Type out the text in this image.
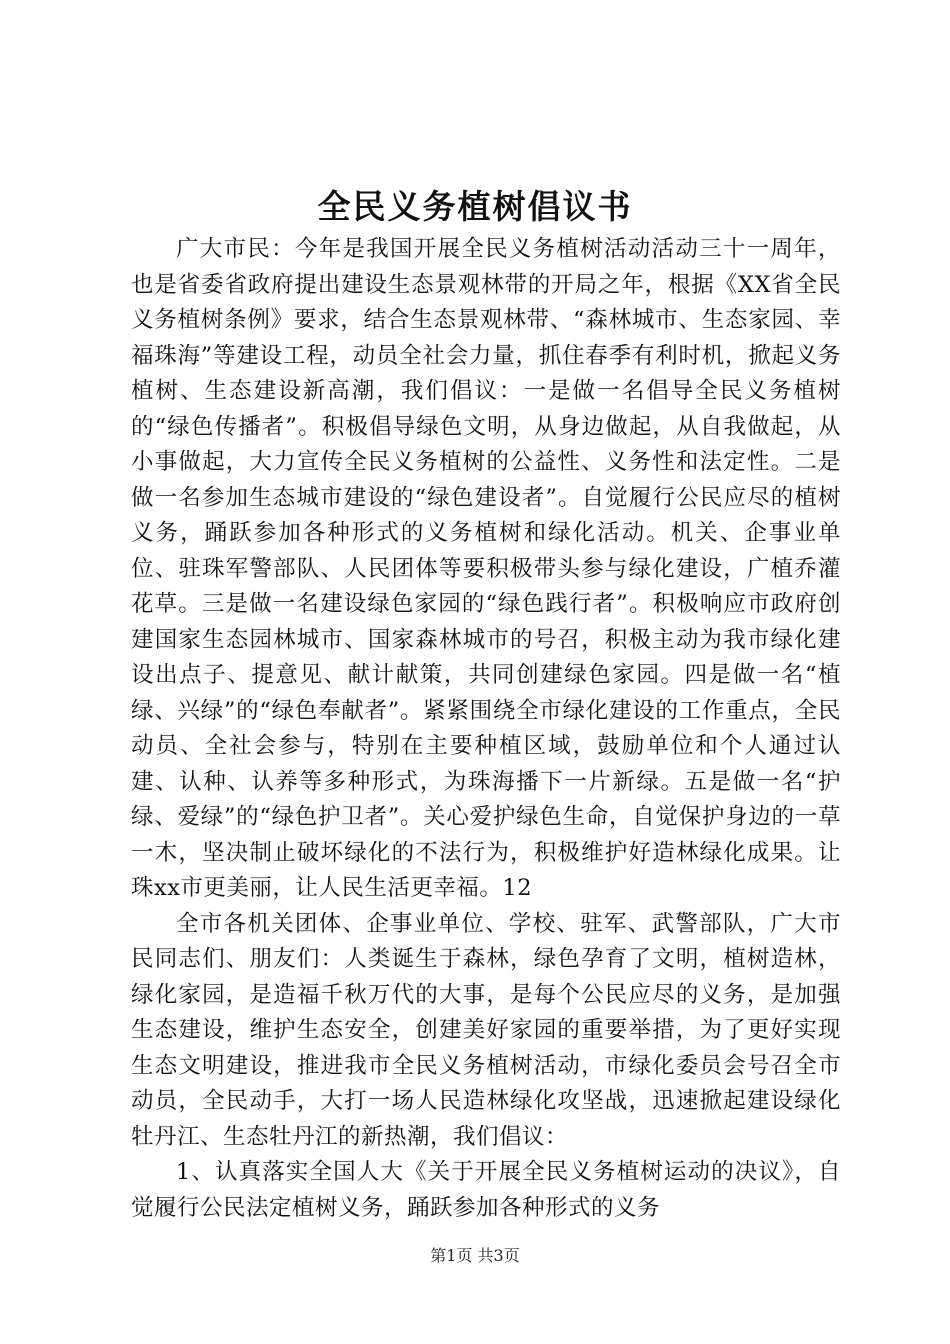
全民义务植树倡议书

广大市民：今年是我国开展全民义务植树活动活动三十一周年，也是省委省政府提出建设生态景观林带的开局之年，根据《XX省全民义务植树条例》要求，结合生态景观林带、“森林城市、生态家园、幸福珠海”等建设工程，动员全社会力量，抓住春季有利时机，掀起义务植树、生态建设新高潮，我们倡议：一是做一名倡导全民义务植树的“绿色传播者”。积极倡导绿色文明，从身边做起，从自我做起，从小事做起，大力宣传全民义务植树的公益性、义务性和法定性。二是做一名参加生态城市建设的“绿色建设者”。自觉履行公民应尽的植树义务，踊跃参加各种形式的义务植树和绿化活动。机关、企事业单位、驻珠军警部队、人民团体等要积极带头参与绿化建设，广植乔灌花草。三是做一名建设绿色家园的“绿色践行者”。积极响应市政府创建国家生态园林城市、国家森林城市的号召，积极主动为我市绿化建设出点子、提意见、献计献策，共同创建绿色家园。四是做一名“植绿、兴绿”的“绿色奉献者”。紧紧围绕全市绿化建设的工作重点，全民动员、全社会参与，特别在主要种植区域，鼓励单位和个人通过认建、认种、认养等多种形式，为珠海播下一片新绿。五是做一名“护绿、爱绿”的“绿色护卫者”。关心爱护绿色生命，自觉保护身边的一草一木，坚决制止破坏绿化的不法行为，积极维护好造林绿化成果。让珠xx市更美丽，让人民生活更幸福。12

全市各机关团体、企事业单位、学校、驻军、武警部队，广大市民同志们、朋友们：人类诞生于森林，绿色孕育了文明，植树造林，绿化家园，是造福千秋万代的大事，是每个公民应尽的义务，是加强生态建设，维护生态安全，创建美好家园的重要举措，为了更好实现生态文明建设，推进我市全民义务植树活动，市绿化委员会号召全市动员，全民动手，大打一场人民造林绿化攻坚战，迅速掀起建设绿化牡丹江、生态牡丹江的新热潮，我们倡议：

1、认真落实全国人大《关于开展全民义务植树运动的决议》，自觉履行公民法定植树义务，踊跃参加各种形式的义务

第1页 共3页
